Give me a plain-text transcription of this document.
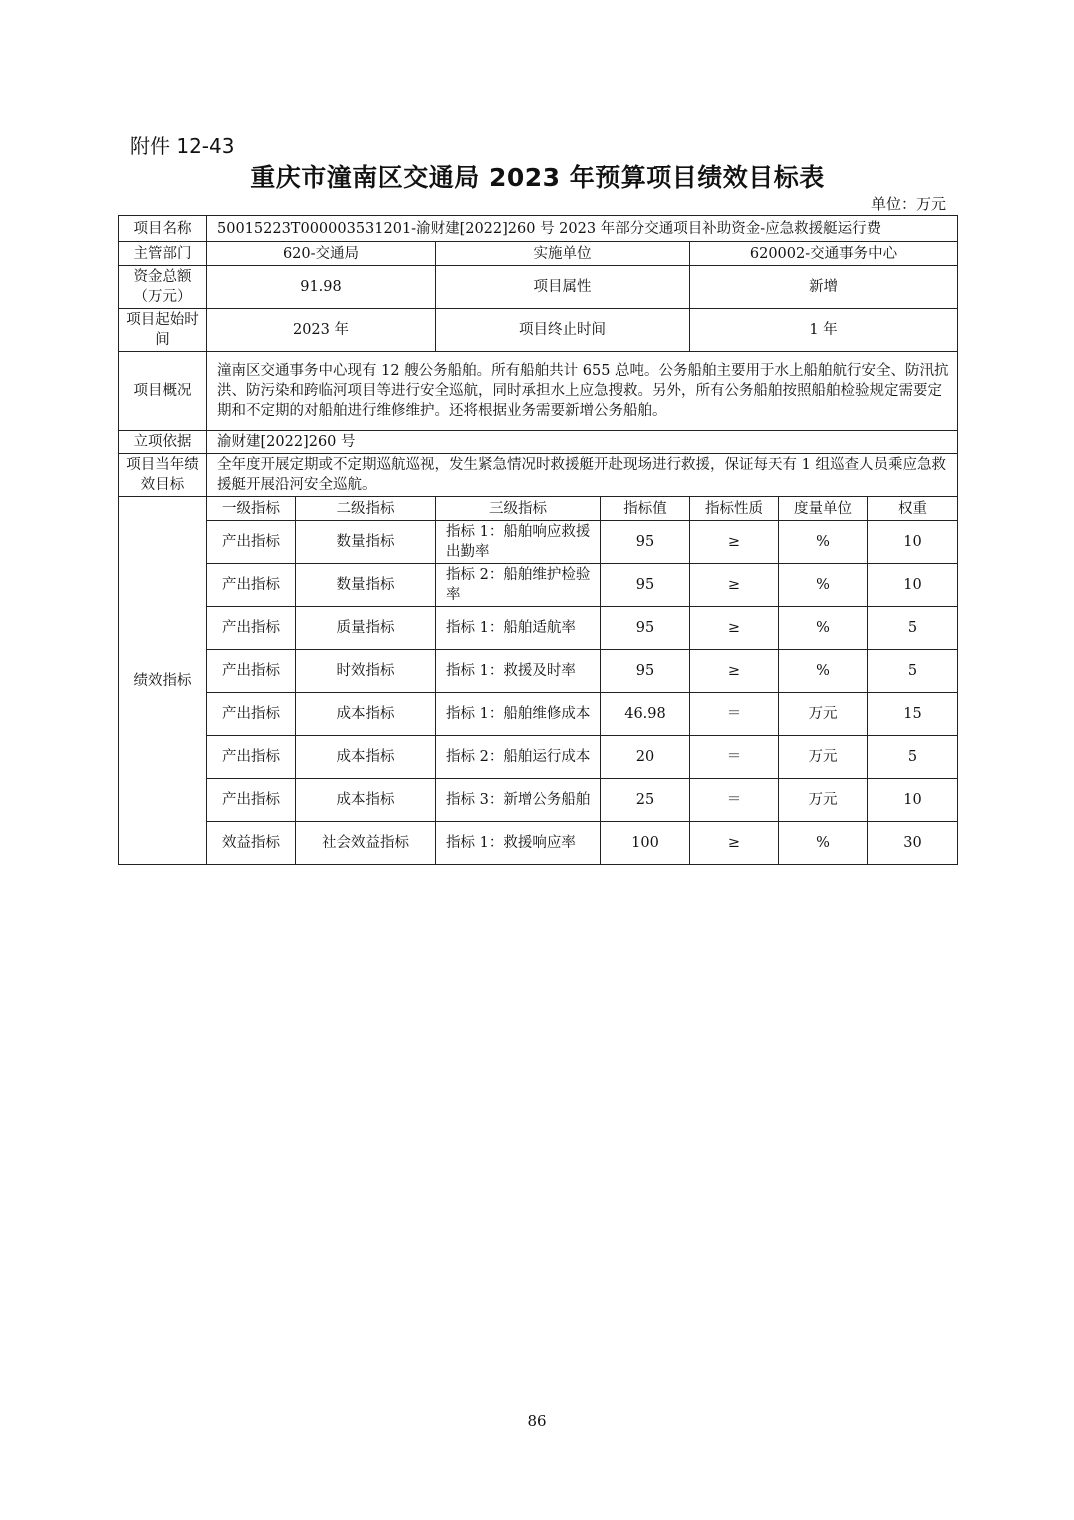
附件 12-43
重庆市潼南区交通局 2023 年预算项目绩效目标表
单位：万元
项目名称	50015223T000003531201-渝财建[2022]260 号 2023 年部分交通项目补助资金-应急救援艇运行费						
主管部门	620-交通局		实施单位		620002-交通事务中心		
资金总额（万元）	91.98		项目属性		新增		
项目起始时间	2023 年		项目终止时间		1 年		
项目概况	潼南区交通事务中心现有 12 艘公务船舶。所有船舶共计 655 总吨。公务船舶主要用于水上船舶航行安全、防汛抗洪、防污染和跨临河项目等进行安全巡航，同时承担水上应急搜救。另外，所有公务船舶按照船舶检验规定需要定期和不定期的对船舶进行维修维护。还将根据业务需要新增公务船舶。						
立项依据	渝财建[2022]260 号						
项目当年绩效目标	全年度开展定期或不定期巡航巡视，发生紧急情况时救援艇开赴现场进行救援，保证每天有 1 组巡查人员乘应急救援艇开展沿河安全巡航。						
绩效指标	一级指标	二级指标	三级指标	指标值	指标性质	度量单位	权重
	产出指标	数量指标	指标 1：船舶响应救援出勤率	95	≥	%	10
	产出指标	数量指标	指标 2：船舶维护检验率	95	≥	%	10
	产出指标	质量指标	指标 1：船舶适航率	95	≥	%	5
	产出指标	时效指标	指标 1：救援及时率	95	≥	%	5
	产出指标	成本指标	指标 1：船舶维修成本	46.98	＝	万元	15
	产出指标	成本指标	指标 2：船舶运行成本	20	＝	万元	5
	产出指标	成本指标	指标 3：新增公务船舶	25	＝	万元	10
	效益指标	社会效益指标	指标 1：救援响应率	100	≥	%	30
86
